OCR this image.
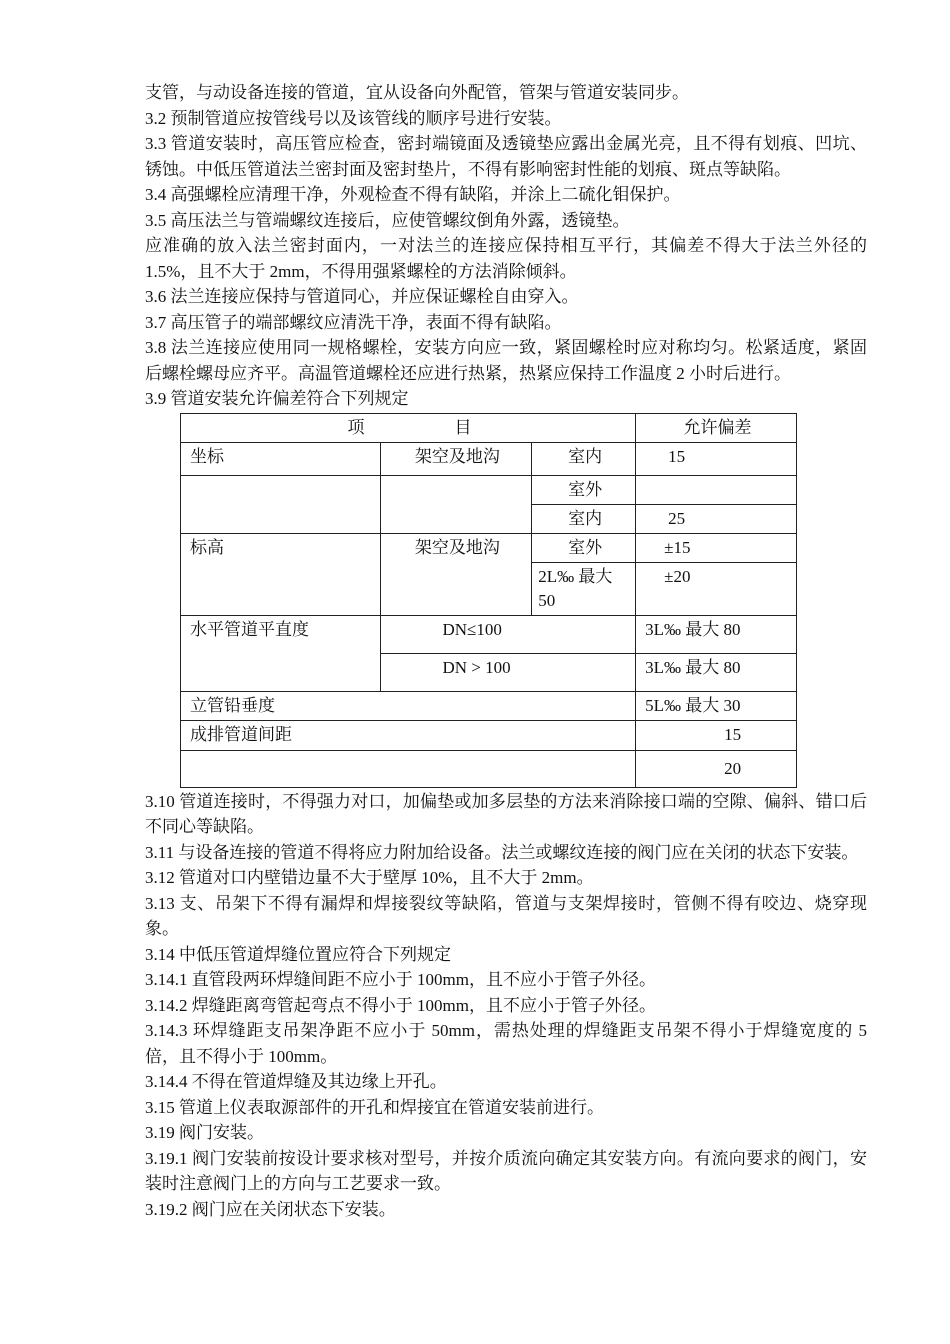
支管，与动设备连接的管道，宜从设备向外配管，管架与管道安装同步。

3.2 预制管道应按管线号以及该管线的顺序号进行安装。

3.3 管道安装时，高压管应检查，密封端镜面及透镜垫应露出金属光亮，且不得有划痕、凹坑、锈蚀。中低压管道法兰密封面及密封垫片，不得有影响密封性能的划痕、斑点等缺陷。

3.4 高强螺栓应清理干净，外观检查不得有缺陷，并涂上二硫化钼保护。

3.5 高压法兰与管端螺纹连接后，应使管螺纹倒角外露，透镜垫。

应准确的放入法兰密封面内，一对法兰的连接应保持相互平行，其偏差不得大于法兰外径的 1.5%，且不大于 2mm，不得用强紧螺栓的方法消除倾斜。

3.6 法兰连接应保持与管道同心，并应保证螺栓自由穿入。

3.7 高压管子的端部螺纹应清洗干净，表面不得有缺陷。

3.8 法兰连接应使用同一规格螺栓，安装方向应一致，紧固螺栓时应对称均匀。松紧适度，紧固后螺栓螺母应齐平。高温管道螺栓还应进行热紧，热紧应保持工作温度 2 小时后进行。

3.9 管道安装允许偏差符合下列规定

项 目			允许偏差
坐标	架空及地沟	室内	15
		室外	
		室内	25
标高	架空及地沟	室外	±15
		2L‰ 最大 50	±20
水平管道平直度	DN≤100		3L‰ 最大 80
	DN > 100		3L‰ 最大 80
立管铅垂度			5L‰ 最大 30
成排管道间距			15
			20

3.10 管道连接时，不得强力对口，加偏垫或加多层垫的方法来消除接口端的空隙、偏斜、错口后不同心等缺陷。

3.11 与设备连接的管道不得将应力附加给设备。法兰或螺纹连接的阀门应在关闭的状态下安装。

3.12 管道对口内壁错边量不大于壁厚 10%，且不大于 2mm。

3.13 支、吊架下不得有漏焊和焊接裂纹等缺陷，管道与支架焊接时，管侧不得有咬边、烧穿现象。

3.14 中低压管道焊缝位置应符合下列规定

3.14.1 直管段两环焊缝间距不应小于 100mm，且不应小于管子外径。

3.14.2 焊缝距离弯管起弯点不得小于 100mm，且不应小于管子外径。

3.14.3 环焊缝距支吊架净距不应小于 50mm，需热处理的焊缝距支吊架不得小于焊缝宽度的 5 倍，且不得小于 100mm。

3.14.4 不得在管道焊缝及其边缘上开孔。

3.15 管道上仪表取源部件的开孔和焊接宜在管道安装前进行。

3.19 阀门安装。

3.19.1 阀门安装前按设计要求核对型号，并按介质流向确定其安装方向。有流向要求的阀门，安装时注意阀门上的方向与工艺要求一致。

3.19.2 阀门应在关闭状态下安装。
